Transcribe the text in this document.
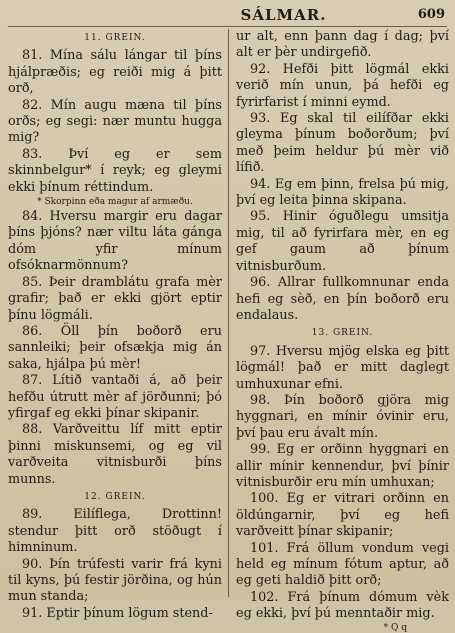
SÁLMAR.	609
11. GREIN.

81. Mína sálu lángar til þíns hjálpræðis; eg reiði mig á þitt orð,

82. Mín augu mæna til þíns orðs; eg segi: nær muntu hugga mig?

83. Því eg er sem skinnbelgur* í reyk; eg gleymi ekki þínum réttindum.

* Skorpinn eða magur af armæðu.

84. Hversu margir eru dagar þíns þjóns? nær viltu láta gánga dóm yfir mínum ofsóknarmönnum?

85. Þeir dramblátu grafa mèr grafir; það er ekki gjört eptir þínu lögmáli.

86. Öll þín boðorð eru sannleiki; þeir ofsækja mig án saka, hjálpa þú mèr!

87. Lítið vantaði á, að þeir hefðu útrutt mèr af jörðunni; þó yfirgaf eg ekki þínar skipanir.

88. Varðveittu líf mitt eptir þinni miskunsemi, og eg vil varðveita vitnisburði þíns munns.

12. GREIN.

89. Eilíflega, Drottinn! stendur þitt orð stöðugt í himninum.

90. Þín trúfesti varir frá kyni til kyns, þú festir jörðina, og hún mun standa;

91. Eptir þínum lögum stend-

ur alt, enn þann dag í dag; því alt er þèr undirgefið.

92. Hefði þitt lögmál ekki verið mín unun, þá hefði eg fyrirfarist í minni eymd.

93. Eg skal til eilífðar ekki gleyma þínum boðorðum; því með þeim heldur þú mèr við lífið.

94. Eg em þinn, frelsa þú mig, því eg leita þinna skipana.

95. Hinir óguðlegu umsitja mig, til að fyrirfara mèr, en eg gef gaum að þínum vitnisburðum.

96. Allrar fullkomnunar enda hefi eg sèð, en þín boðorð eru endalaus.

13. GREIN.

97. Hversu mjög elska eg þitt lögmál! það er mitt daglegt umhuxunar efni.

98. Þín boðorð gjöra mig hyggnari, en mínir óvinir eru, því þau eru ávalt mín.

99. Eg er orðinn hyggnari en allir mínir kennendur, því þínir vitnisburðir eru mín umhuxan;

100. Eg er vitrari orðinn en öldúngarnir, því eg hefi varðveitt þínar skipanir;

101. Frá öllum vondum vegi held eg mínum fótum aptur, að eg geti haldið þitt orð;

102. Frá þínum dómum vèk eg ekki, því þú menntaðir mig.

* Q q
